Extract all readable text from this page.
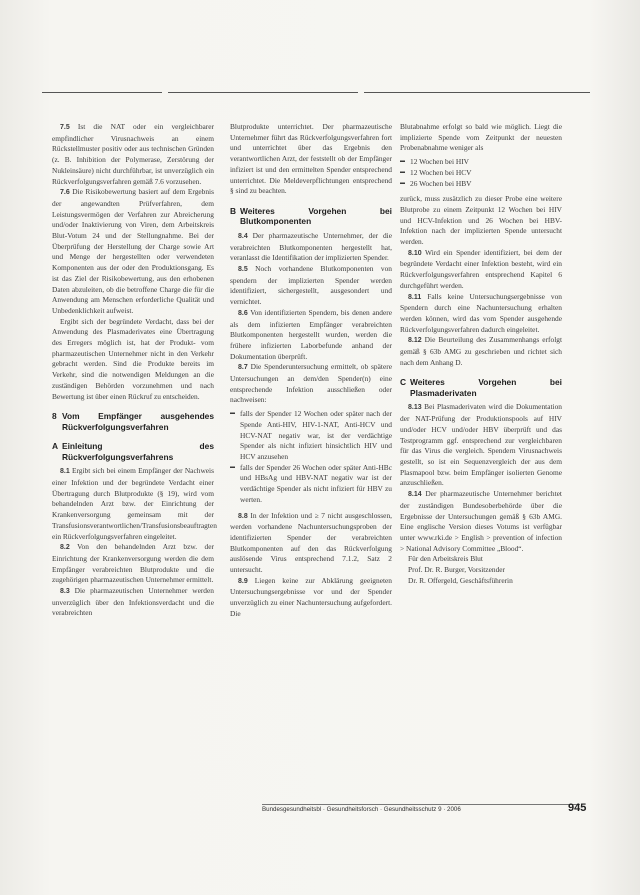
7.5 Ist die NAT oder ein vergleichbarer empfindlicher Virusnachweis an einem Rückstellmuster positiv oder aus technischen Gründen (z. B. Inhibition der Polymerase, Zerstörung der Nukleinsäure) nicht durchführbar, ist unverzüglich ein Rückverfolgungsverfahren gemäß 7.6 vorzusehen.

7.6 Die Risikobewertung basiert auf dem Ergebnis der angewandten Prüfverfahren, dem Leistungsvermögen der Verfahren zur Abreicherung und/oder Inaktivierung von Viren, dem Arbeitskreis Blut-Votum 24 und der Stellungnahme. Bei der Überprüfung der Herstellung der Charge sowie Art und Menge der hergestellten oder verwendeten Komponenten aus der oder den Produktionsgang. Es ist das Ziel der Risikobewertung, aus den erhobenen Daten abzuleiten, ob die betroffene Charge die für die Anwendung am Menschen erforderliche Qualität und Unbedenklichkeit aufweist.

Ergibt sich der begründete Verdacht, dass bei der Anwendung des Plasmaderivates eine Übertragung des Erregers möglich ist, hat der Produkt- vom pharmazeutischen Unternehmer nicht in den Verkehr gebracht werden. Sind die Produkte bereits im Verkehr, sind die notwendigen Meldungen an die zuständigen Behörden vorzunehmen und nach Bewertung ist über einen Rückruf zu entscheiden.

8 Vom Empfänger ausgehendes Rückverfolgungsverfahren
A Einleitung des Rückverfolgungsverfahrens

8.1 Ergibt sich bei einem Empfänger der Nachweis einer Infektion und der begründete Verdacht einer Übertragung durch Blutprodukte (§ 19), wird vom behandelnden Arzt bzw. der Einrichtung der Krankenversorgung gemeinsam mit der Transfusionsverantwortlichen/Transfusionsbeauftragten ein Rückverfolgungsverfahren eingeleitet.

8.2 Von den behandelnden Arzt bzw. der Einrichtung der Krankenversorgung werden die dem Empfänger verabreichten Blutprodukte und die zugehörigen pharmazeutischen Unternehmer ermittelt.

8.3 Die pharmazeutischen Unternehmer werden unverzüglich über den Infektionsverdacht und die verabreichten

Blutprodukte unterrichtet. Der pharmazeutische Unternehmer führt das Rückverfolgungsverfahren fort und unterrichtet über das Ergebnis den verantwortlichen Arzt, der feststellt ob der Empfänger infiziert ist und den ermittelten Spender entsprechend unterrichtet. Die Meldeverpflichtungen entsprechend § sind zu beachten.

B Weiteres Vorgehen bei Blutkomponenten

8.4 Der pharmazeutische Unternehmer, der die verabreichten Blutkomponenten hergestellt hat, veranlasst die Identifikation der implizierten Spender.

8.5 Noch vorhandene Blutkomponenten von spendern der implizierten Spender werden identifiziert, sichergestellt, ausgesondert und vernichtet.

8.6 Von identifizierten Spendern, bis denen andere als dem infizierten Empfänger verabreichten Blutkomponenten hergestellt wurden, werden die frühere infizierten Laborbefunde anhand der Dokumentation überprüft.

8.7 Die Spenderuntersuchung ermittelt, ob spätere Untersuchungen an dem/den Spender(n) eine entsprechende Infektion ausschließen oder nachweisen:

▬ falls der Spender 12 Wochen oder später nach der Spende Anti-HIV, HIV-1-NAT, Anti-HCV und HCV-NAT negativ war, ist der verdächtige Spender als nicht infiziert hinsichtlich HIV und HCV anzusehen
▬ falls der Spender 26 Wochen oder später Anti-HBc und HBsAg und HBV-NAT negativ war ist der verdächtige Spender als nicht infiziert für HBV zu werten.

8.8 In der Infektion und ≥ 7 nicht ausgeschlossen, werden vorhandene Nachuntersuchungsproben der identifizierten Spender der verabreichten Blutkomponenten auf den das Rückverfolgung auslösende Virus entsprechend 7.1.2, Satz 2 untersucht.

8.9 Liegen keine zur Abklärung geeigneten Untersuchungsergebnisse vor und der Spender unverzüglich zu einer Nachuntersuchung aufgefordert. Die

Blutabnahme erfolgt so bald wie möglich. Liegt die implizierte Spende vom Zeitpunkt der neuesten Probenabnahme weniger als

▬ 12 Wochen bei HIV
▬ 12 Wochen bei HCV
▬ 26 Wochen bei HBV

zurück, muss zusätzlich zu dieser Probe eine weitere Blutprobe zu einem Zeitpunkt 12 Wochen bei HIV und HCV-Infektion und 26 Wochen bei HBV-Infektion nach der implizierten Spende untersucht werden.

8.10 Wird ein Spender identifiziert, bei dem der begründete Verdacht einer Infektion besteht, wird ein Rückverfolgungsverfahren entsprechend Kapitel 6 durchgeführt werden.

8.11 Falls keine Untersuchungsergebnisse von Spendern durch eine Nachuntersuchung erhalten werden können, wird das vom Spender ausgehende Rückverfolgungsverfahren dadurch eingeleitet.

8.12 Die Beurteilung des Zusammenhangs erfolgt gemäß § 63b AMG zu geschrieben und richtet sich nach dem Anhang D.

C Weiteres Vorgehen bei Plasmaderivaten

8.13 Bei Plasmaderivaten wird die Dokumentation der NAT-Prüfung der Produktionspools auf HIV und/oder HCV und/oder HBV überprüft und das Testprogramm ggf. entsprechend zur vergleichbaren für das Virus die vergleich. Spendern Virusnachweis gestellt, so ist ein Sequenzvergleich der aus dem Plasmapool bzw. beim Empfänger isolierten Genome anzuschließen.

8.14 Der pharmazeutische Unternehmer berichtet der zuständigen Bundesoberbehörde über die Ergebnisse der Untersuchungen gemäß § 63b AMG. Eine englische Version dieses Votums ist verfügbar unter www.rki.de > English > prevention of infection > National Advisory Committee „Blood“.

Für den Arbeitskreis Blut

Prof. Dr. R. Burger, Vorsitzender

Dr. R. Offergeld, Geschäftsführerin

Bundesgesundheitsbl · Gesundheitsforsch · Gesundheitsschutz 9 · 2006	945
